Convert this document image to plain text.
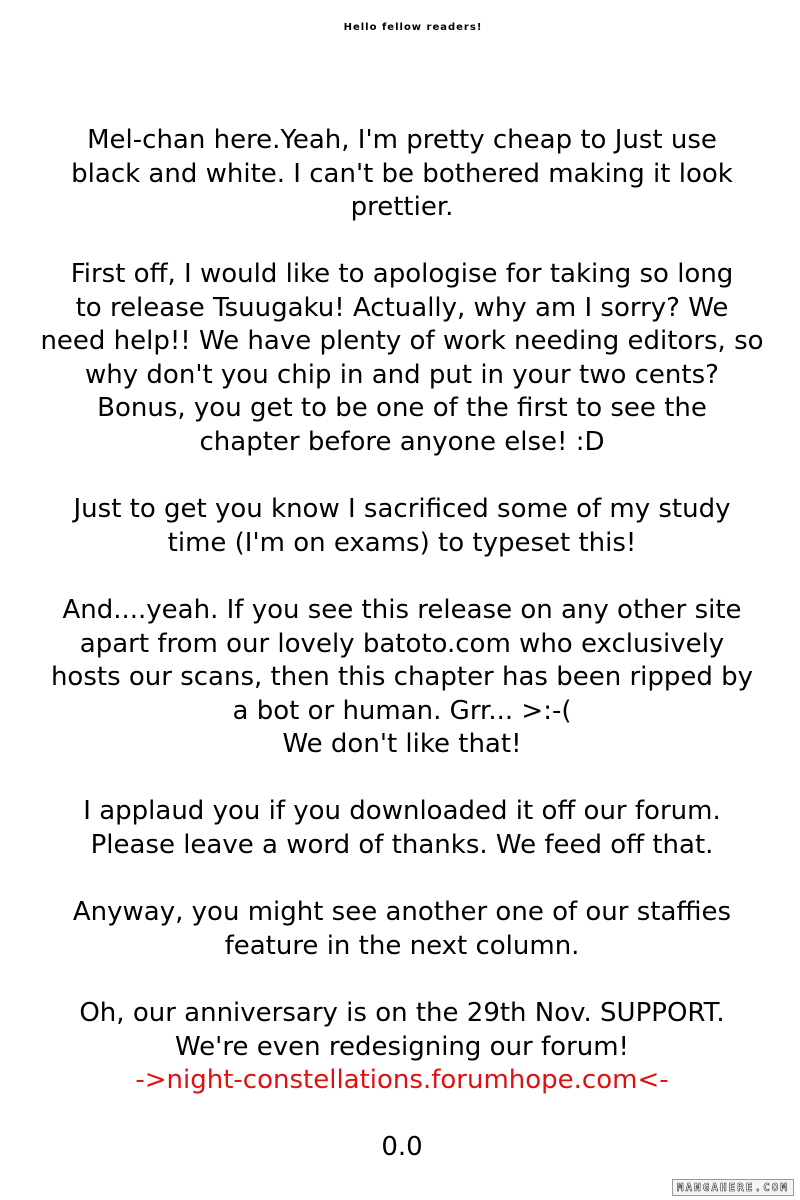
Hello fellow readers!
Mel-chan here.Yeah, I'm pretty cheap to Just use
black and white. I can't be bothered making it look
prettier.
First off, I would like to apologise for taking so long
to release Tsuugaku! Actually, why am I sorry? We
need help!! We have plenty of work needing editors, so
why don't you chip in and put in your two cents?
Bonus, you get to be one of the first to see the
chapter before anyone else! :D
Just to get you know I sacrificed some of my study
time (I'm on exams) to typeset this!
And....yeah. If you see this release on any other site
apart from our lovely batoto.com who exclusively
hosts our scans, then this chapter has been ripped by
a bot or human. Grr... >:-(
We don't like that!
I applaud you if you downloaded it off our forum.
Please leave a word of thanks. We feed off that.
Anyway, you might see another one of our staffies
feature in the next column.
Oh, our anniversary is on the 29th Nov. SUPPORT.
We're even redesigning our forum!
->night-constellations.forumhope.com<-
0.0
MANGAHERE.COM
